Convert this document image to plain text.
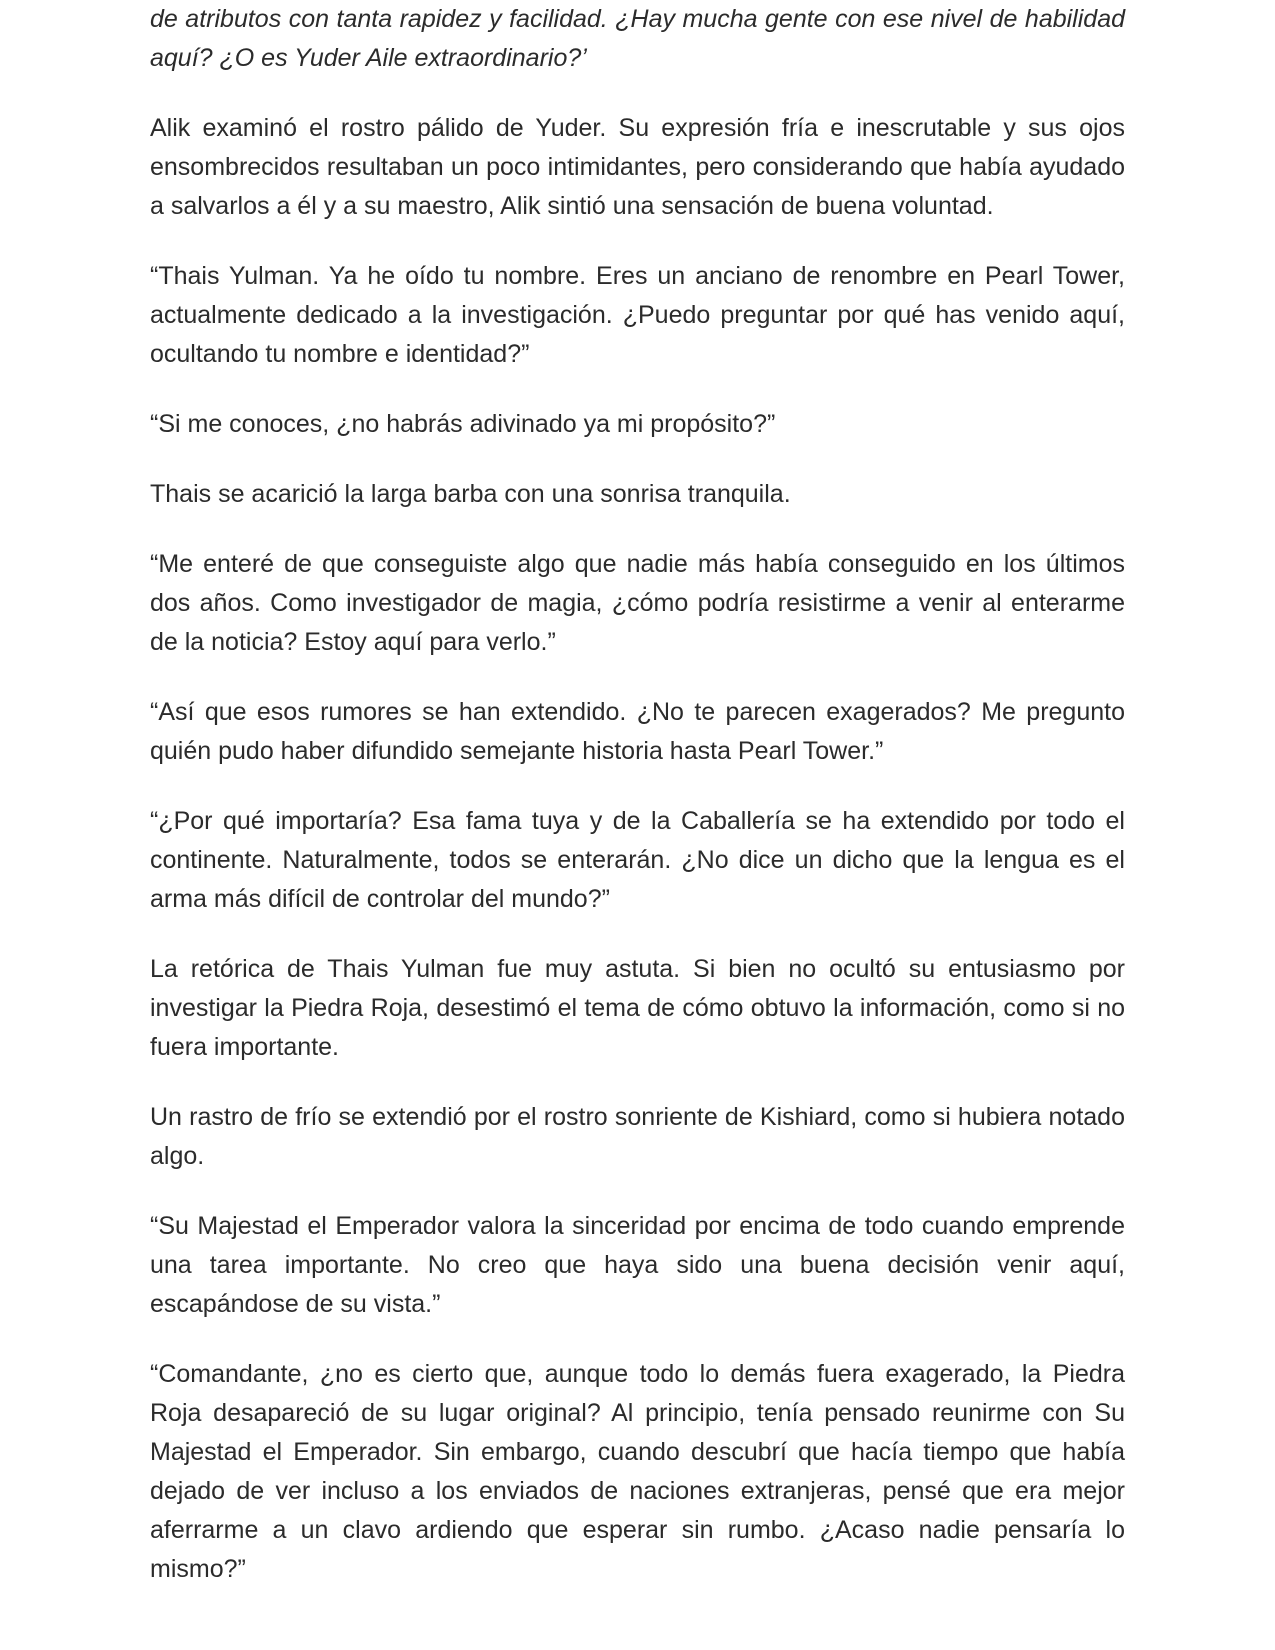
de atributos con tanta rapidez y facilidad. ¿Hay mucha gente con ese nivel de habilidad aquí? ¿O es Yuder Aile extraordinario?’

Alik examinó el rostro pálido de Yuder. Su expresión fría e inescrutable y sus ojos ensombrecidos resultaban un poco intimidantes, pero considerando que había ayudado a salvarlos a él y a su maestro, Alik sintió una sensación de buena voluntad.

“Thais Yulman. Ya he oído tu nombre. Eres un anciano de renombre en Pearl Tower, actualmente dedicado a la investigación. ¿Puedo preguntar por qué has venido aquí, ocultando tu nombre e identidad?”

“Si me conoces, ¿no habrás adivinado ya mi propósito?”

Thais se acarició la larga barba con una sonrisa tranquila.

“Me enteré de que conseguiste algo que nadie más había conseguido en los últimos dos años. Como investigador de magia, ¿cómo podría resistirme a venir al enterarme de la noticia? Estoy aquí para verlo.”

“Así que esos rumores se han extendido. ¿No te parecen exagerados? Me pregunto quién pudo haber difundido semejante historia hasta Pearl Tower.”

“¿Por qué importaría? Esa fama tuya y de la Caballería se ha extendido por todo el continente. Naturalmente, todos se enterarán. ¿No dice un dicho que la lengua es el arma más difícil de controlar del mundo?”

La retórica de Thais Yulman fue muy astuta. Si bien no ocultó su entusiasmo por investigar la Piedra Roja, desestimó el tema de cómo obtuvo la información, como si no fuera importante.

Un rastro de frío se extendió por el rostro sonriente de Kishiard, como si hubiera notado algo.

“Su Majestad el Emperador valora la sinceridad por encima de todo cuando emprende una tarea importante. No creo que haya sido una buena decisión venir aquí, escapándose de su vista.”

“Comandante, ¿no es cierto que, aunque todo lo demás fuera exagerado, la Piedra Roja desapareció de su lugar original? Al principio, tenía pensado reunirme con Su Majestad el Emperador. Sin embargo, cuando descubrí que hacía tiempo que había dejado de ver incluso a los enviados de naciones extranjeras, pensé que era mejor aferrarme a un clavo ardiendo que esperar sin rumbo. ¿Acaso nadie pensaría lo mismo?”
